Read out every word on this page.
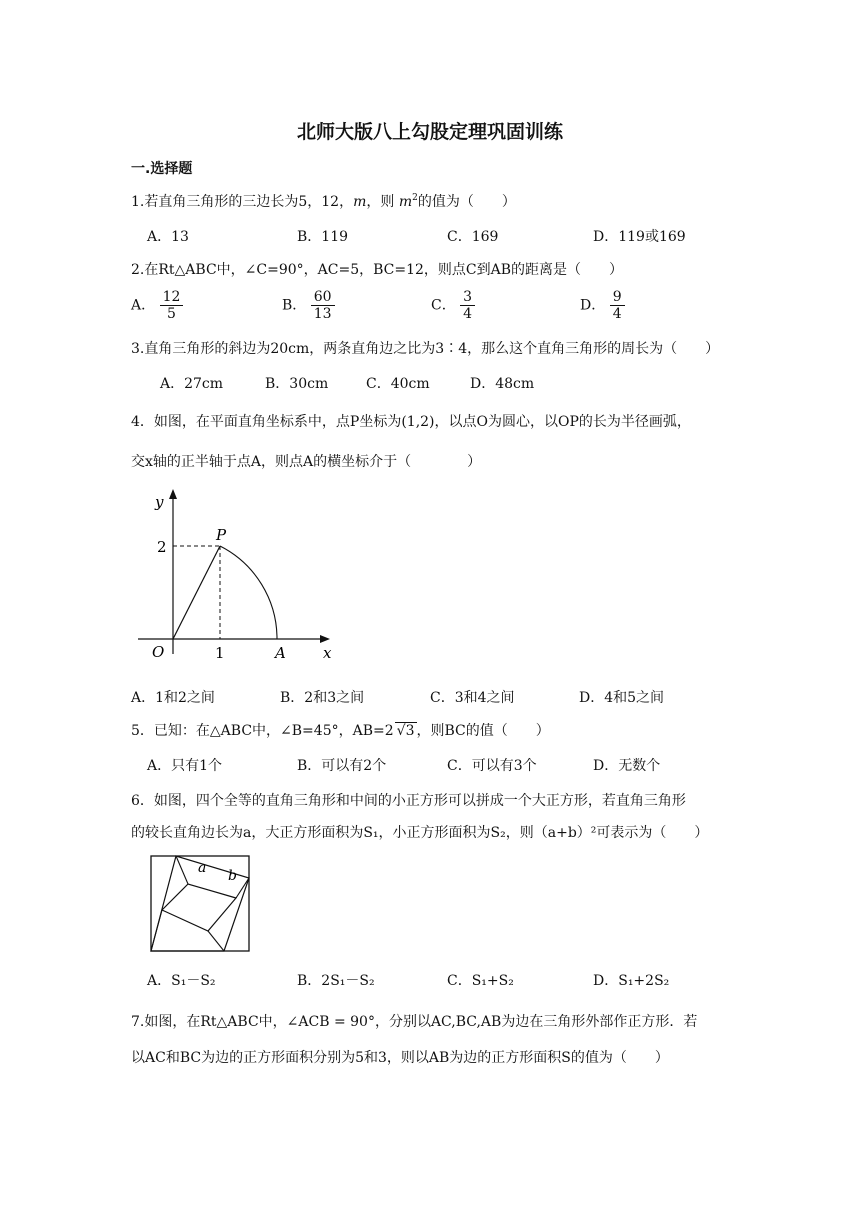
北师大版八上勾股定理巩固训练
一.选择题
1.若直角三角形的三边长为5，12，m，则 $m^2$的值为（　　）
A．13	B．119	C．169	D．119或169
2.在Rt△ABC中，∠C=90°，AC=5，BC=12，则点C到AB的距离是（　　）
A． $\frac{12}{5}$	B． $\frac{60}{13}$	C． $\frac{3}{4}$	D． $\frac{9}{4}$
3.直角三角形的斜边为20cm，两条直角边之比为3∶4，那么这个直角三角形的周长为（　　）
A．27cm	B．30cm	C．40cm	D．48cm
4．如图，在平面直角坐标系中，点P坐标为(1,2)，以点O为圆心，以OP的长为半径画弧，
交x轴的正半轴于点A，则点A的横坐标介于（　　　　）
y
x
P
O	A
2
1
A．1和2之间	B．2和3之间	C．3和4之间	D．4和5之间
5．已知：在△ABC中，∠B=45°，AB=2 √3 ，则BC的值（　　）
A．只有1个	B．可以有2个	C．可以有3个	D．无数个
6．如图，四个全等的直角三角形和中间的小正方形可以拼成一个大正方形，若直角三角形
的较长直角边长为a，大正方形面积为S₁，小正方形面积为S₂，则（a+b）²可表示为（　　）
a b
A．S₁－S₂	B．2S₁－S₂	C．S₁+S₂	D．S₁+2S₂
7.如图，在Rt△ABC中，∠ACB = 90°，分别以AC,BC,AB为边在三角形外部作正方形．若
以AC和BC为边的正方形面积分别为5和3，则以AB为边的正方形面积S的值为（　　）
